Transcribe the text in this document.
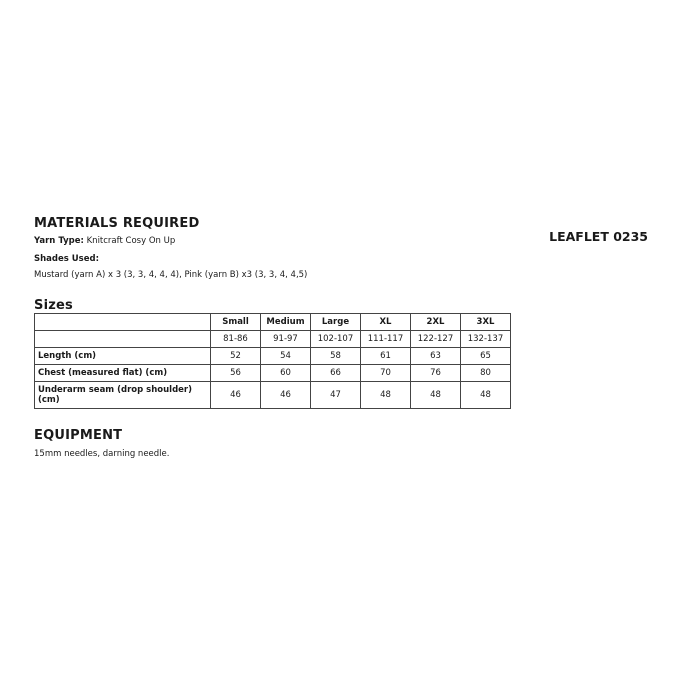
MATERIALS REQUIRED
LEAFLET 0235
Yarn Type: Knitcraft Cosy On Up
Shades Used:
Mustard (yarn A) x 3 (3, 3, 4, 4, 4), Pink (yarn B) x3 (3, 3, 4, 4,5)
Sizes
	Small	Medium	Large	XL	2XL	3XL
	81-86	91-97	102-107	111-117	122-127	132-137
Length (cm)	52	54	58	61	63	65
Chest (measured flat) (cm)	56	60	66	70	76	80
Underarm seam (drop shoulder) (cm)	46	46	47	48	48	48
EQUIPMENT
15mm needles, darning needle.
